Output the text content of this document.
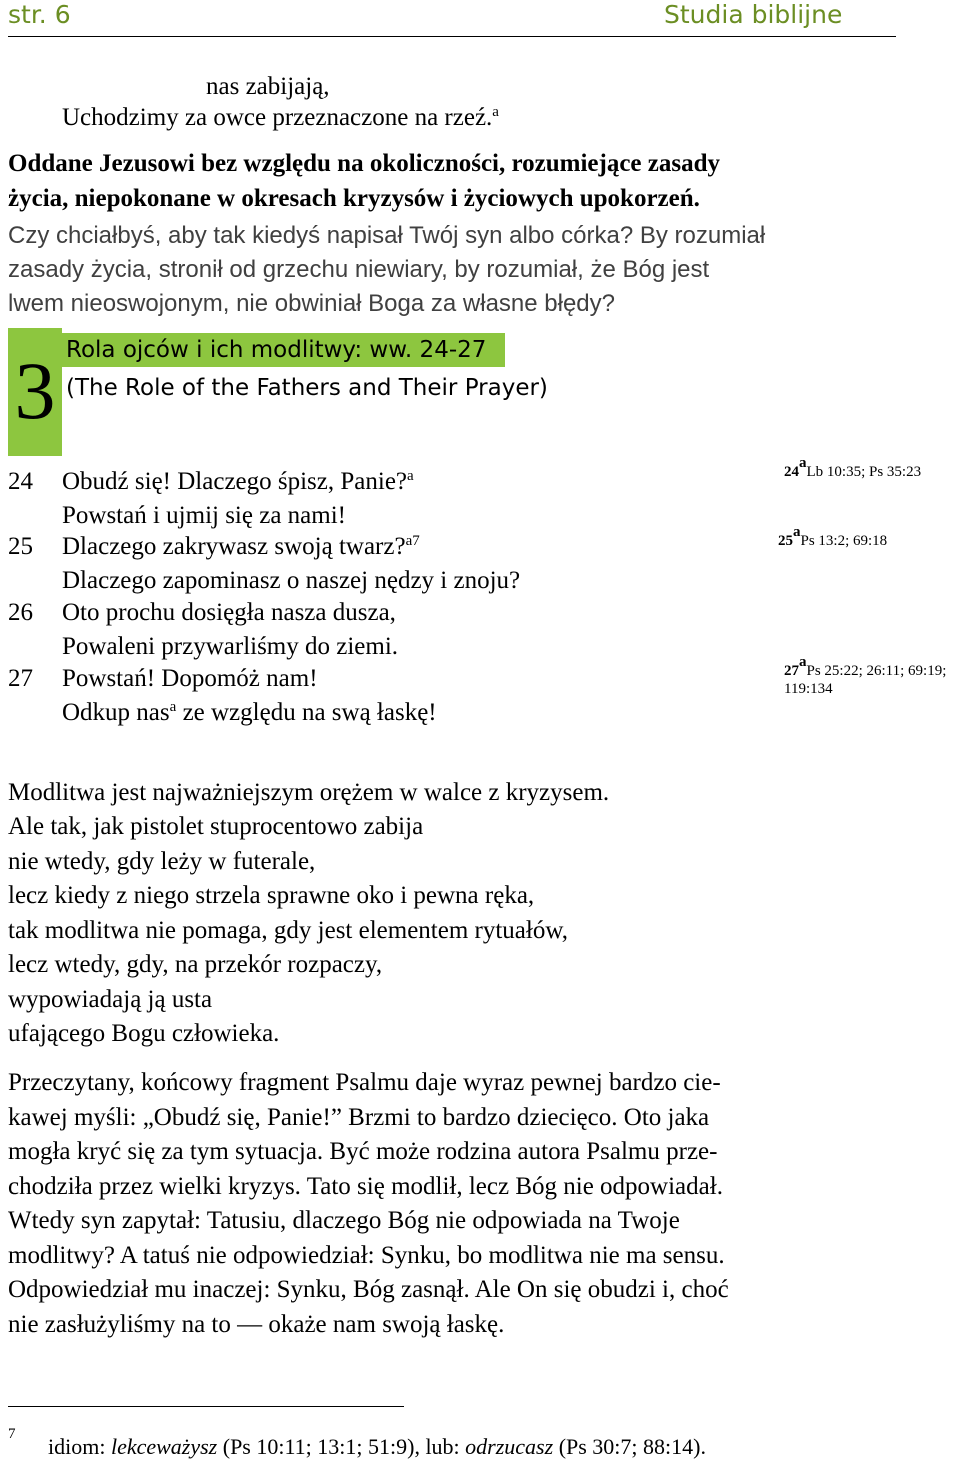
str. 6	Studia biblijne
nas zabijają,
Uchodzimy za owce przeznaczone na rzeź.$^a$
Oddane Jezusowi bez względu na okoliczności, rozumiejące zasady
życia, niepokonane w okresach kryzysów i życiowych upokorzeń.
Czy chciałbyś, aby tak kiedyś napisał Twój syn albo córka? By rozumiał
zasady życia, stronił od grzechu niewiary, by rozumiał, że Bóg jest
lwem nieoswojonym, nie obwiniał Boga za własne błędy?
3 Rola ojców i ich modlitwy: ww. 24-27
(The Role of the Fathers and Their Prayer)
24 Obudź się! Dlaczego śpisz, Panie?$^a$
Powstań i ujmij się za nami!
25 Dlaczego zakrywasz swoją twarz?$^{a7}$
Dlaczego zapominasz o naszej nędzy i znoju?
26 Oto prochu dosięgła nasza dusza,
Powaleni przywarliśmy do ziemi.
27 Powstań! Dopomóż nam!
Odkup nas$^a$ ze względu na swą łaskę!
24$^a$Lb 10:35; Ps 35:23
25$^a$Ps 13:2; 69:18
27$^a$Ps 25:22; 26:11; 69:19;
119:134
Modlitwa jest najważniejszym orężem w walce z kryzysem.
Ale tak, jak pistolet stuprocentowo zabija
nie wtedy, gdy leży w futerale,
lecz kiedy z niego strzela sprawne oko i pewna ręka,
tak modlitwa nie pomaga, gdy jest elementem rytuałów,
lecz wtedy, gdy, na przekór rozpaczy,
wypowiadają ją usta
ufającego Bogu człowieka.
Przeczytany, końcowy fragment Psalmu daje wyraz pewnej bardzo cie-
kawej myśli: „Obudź się, Panie!” Brzmi to bardzo dziecięco. Oto jaka
mogła kryć się za tym sytuacja. Być może rodzina autora Psalmu prze-
chodziła przez wielki kryzys. Tato się modlił, lecz Bóg nie odpowiadał.
Wtedy syn zapytał: Tatusiu, dlaczego Bóg nie odpowiada na Twoje
modlitwy? A tatuś nie odpowiedział: Synku, bo modlitwa nie ma sensu.
Odpowiedział mu inaczej: Synku, Bóg zasnął. Ale On się obudzi i, choć
nie zasłużyliśmy na to — okaże nam swoją łaskę.
7 idiom: lekceważysz (Ps 10:11; 13:1; 51:9), lub: odrzucasz (Ps 30:7; 88:14).
